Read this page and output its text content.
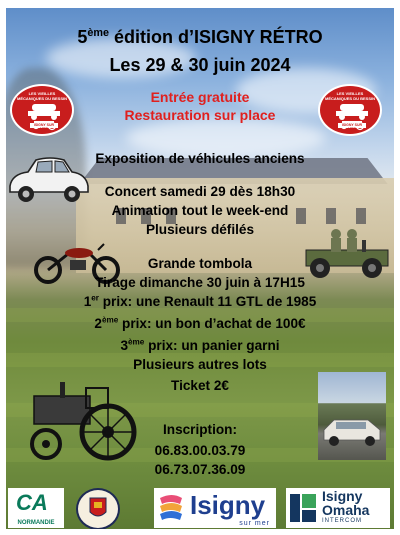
LES VIEILLES MÉCANIQUES DU BESSIN
ISIGNY SUR MER
LES VIEILLES MÉCANIQUES DU BESSIN
ISIGNY SUR MER
5ème édition d’ISIGNY RÉTRO
Les 29 & 30 juin 2024
Entrée gratuite
Restauration sur place
Exposition de véhicules anciens
Concert samedi 29 dès 18h30
Animation tout le week-end
Plusieurs défilés
Grande tombola
Tirage dimanche 30 juin à 17H15
1er prix: une Renault 11 GTL de 1985
2ème prix: un bon d’achat de 100€
3ème prix: un panier garni
Plusieurs autres lots
Ticket 2€
Inscription:
06.83.00.03.79
06.73.07.36.09
CA
NORMANDIE
Isigny
sur mer
Isigny
Omaha
INTERCOM
